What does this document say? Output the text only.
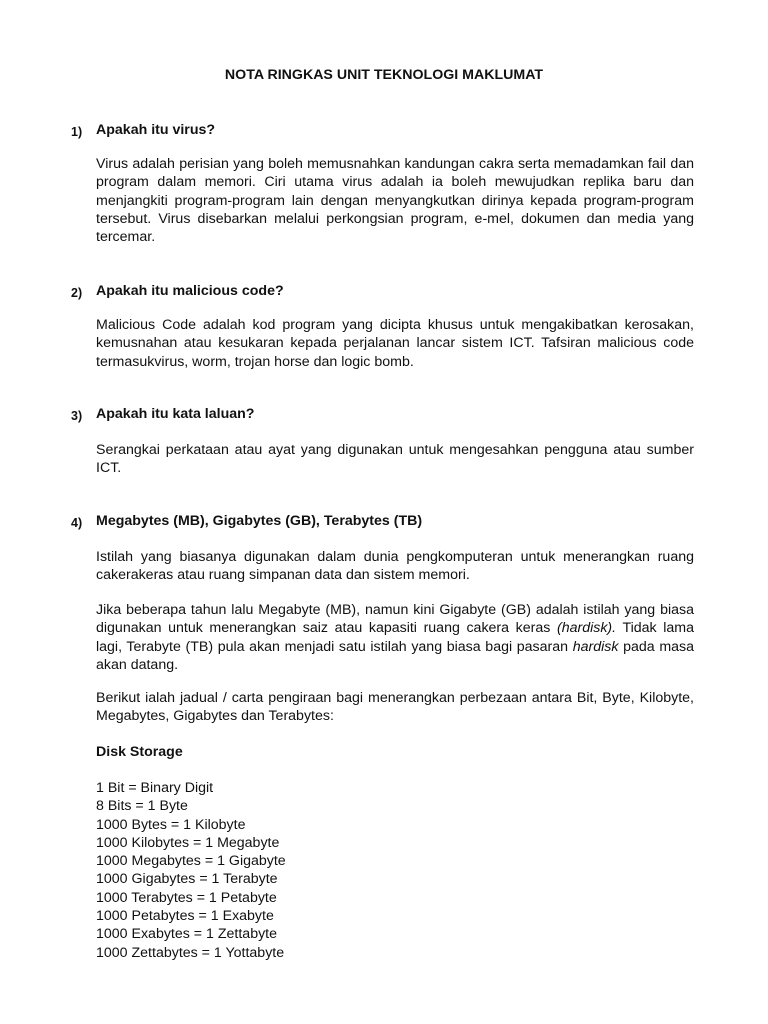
NOTA RINGKAS UNIT TEKNOLOGI MAKLUMAT
1) Apakah itu virus?
Virus adalah perisian yang boleh memusnahkan kandungan cakra serta memadamkan fail dan
program dalam memori. Ciri utama virus adalah ia boleh mewujudkan replika baru dan
menjangkiti program-program lain dengan menyangkutkan dirinya kepada program-program
tersebut. Virus disebarkan melalui perkongsian program, e-mel, dokumen dan media yang
tercemar.
2) Apakah itu malicious code?
Malicious Code adalah kod program yang dicipta khusus untuk mengakibatkan kerosakan,
kemusnahan atau kesukaran kepada perjalanan lancar sistem ICT. Tafsiran malicious code
termasukvirus, worm, trojan horse dan logic bomb.
3) Apakah itu kata laluan?
Serangkai perkataan atau ayat yang digunakan untuk mengesahkan pengguna atau sumber
ICT.
4) Megabytes (MB), Gigabytes (GB), Terabytes (TB)
Istilah yang biasanya digunakan dalam dunia pengkomputeran untuk menerangkan ruang
cakerakeras atau ruang simpanan data dan sistem memori.
Jika beberapa tahun lalu Megabyte (MB), namun kini Gigabyte (GB) adalah istilah yang biasa
digunakan untuk menerangkan saiz atau kapasiti ruang cakera keras (hardisk). Tidak lama
lagi, Terabyte (TB) pula akan menjadi satu istilah yang biasa bagi pasaran hardisk pada masa
akan datang.
Berikut ialah jadual / carta pengiraan bagi menerangkan perbezaan antara Bit, Byte, Kilobyte,
Megabytes, Gigabytes dan Terabytes:
Disk Storage
1 Bit = Binary Digit
8 Bits = 1 Byte
1000 Bytes = 1 Kilobyte
1000 Kilobytes = 1 Megabyte
1000 Megabytes = 1 Gigabyte
1000 Gigabytes = 1 Terabyte
1000 Terabytes = 1 Petabyte
1000 Petabytes = 1 Exabyte
1000 Exabytes = 1 Zettabyte
1000 Zettabytes = 1 Yottabyte
